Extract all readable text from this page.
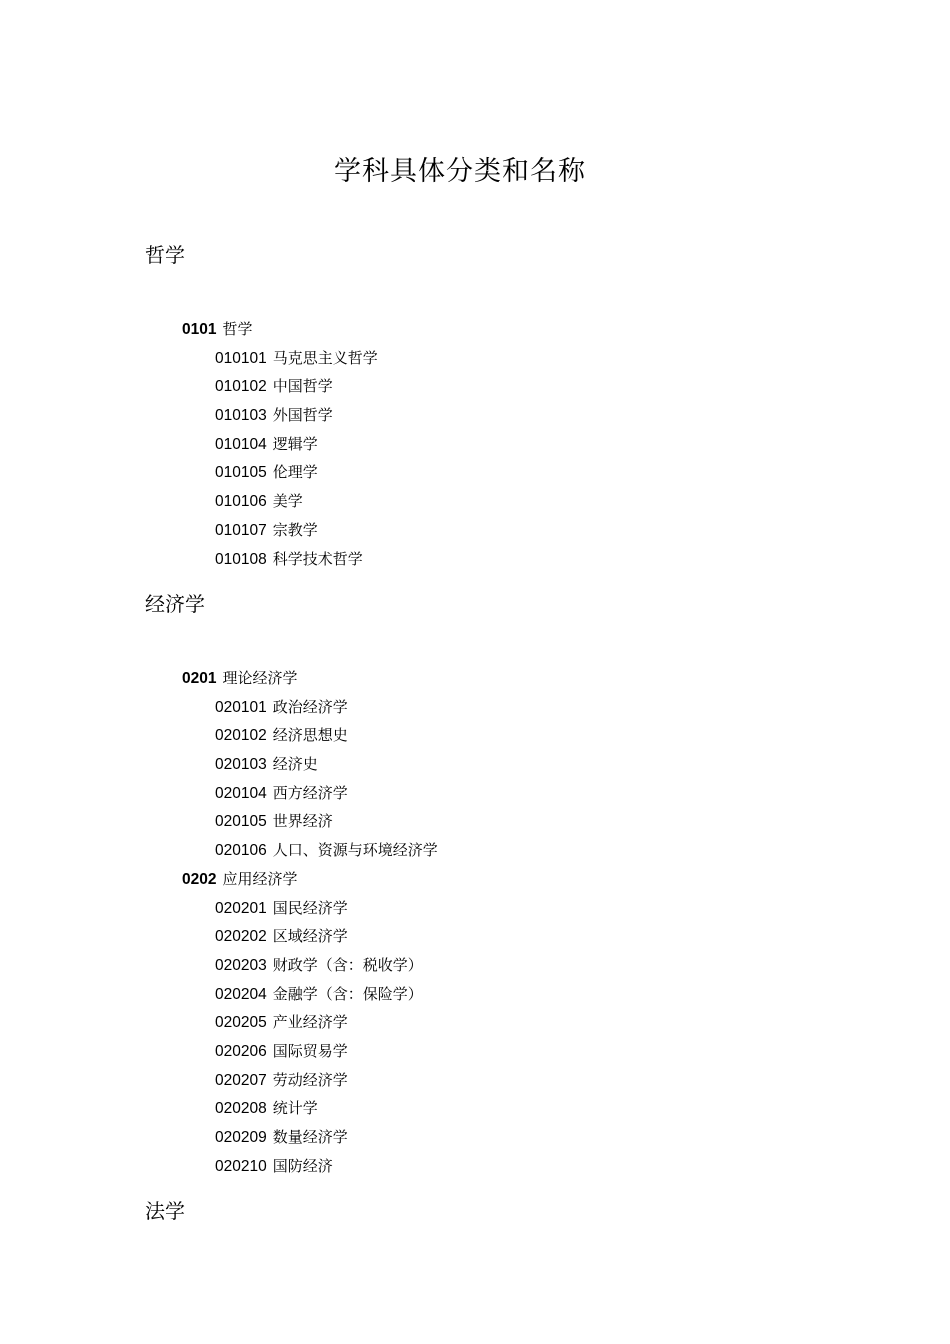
学科具体分类和名称
哲学
0101 哲学
010101 马克思主义哲学
010102 中国哲学
010103 外国哲学
010104 逻辑学
010105 伦理学
010106 美学
010107 宗教学
010108 科学技术哲学
经济学
0201 理论经济学
020101 政治经济学
020102 经济思想史
020103 经济史
020104 西方经济学
020105 世界经济
020106 人口、资源与环境经济学
0202 应用经济学
020201 国民经济学
020202 区域经济学
020203 财政学（含：税收学）
020204 金融学（含：保险学）
020205 产业经济学
020206 国际贸易学
020207 劳动经济学
020208 统计学
020209 数量经济学
020210 国防经济
法学
